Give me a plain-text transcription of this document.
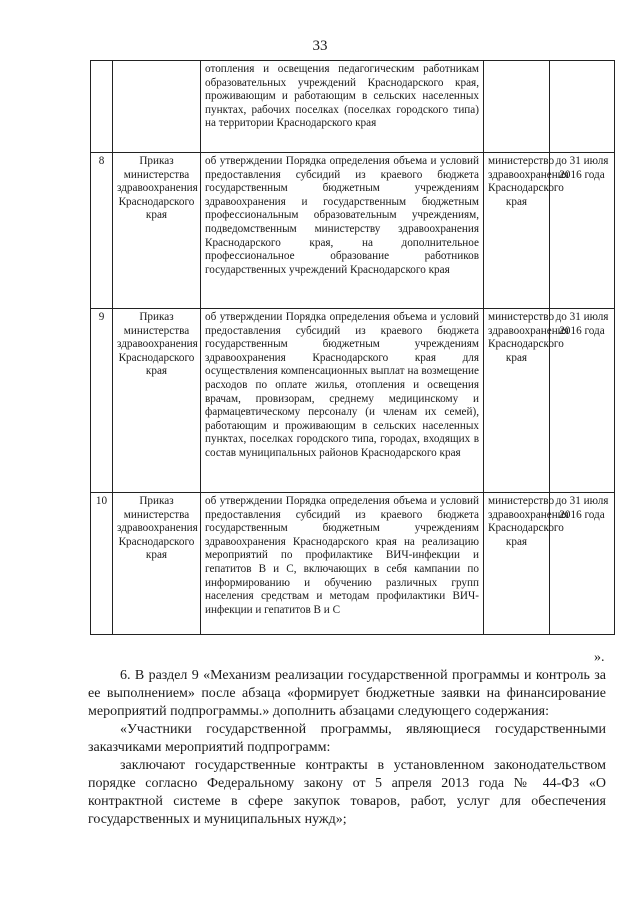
33
		отопления и освещения педагогическим работникам образовательных учреждений Краснодарского края, проживающим и работающим в сельских населенных пунктах, рабочих поселках (поселках городского типа) на территории Краснодарского края		
8	Приказ министерства здравоохранения Краснодарского края	об утверждении Порядка определения объема и условий предоставления субсидий из краевого бюджета государственным бюджетным учреждениям здравоохранения и государственным бюджетным профессиональным образовательным учреждениям, подведомственным министерству здравоохранения Краснодарского края, на дополнительное профессиональное образование работников государственных учреждений Краснодарского края	министерство здравоохранения Краснодарского края	до 31 июля 2016 года
9	Приказ министерства здравоохранения Краснодарского края	об утверждении Порядка определения объема и условий предоставления субсидий из краевого бюджета государственным бюджетным учреждениям здравоохранения Краснодарского края для осуществления компенсационных выплат на возмещение расходов по оплате жилья, отопления и освещения врачам, провизорам, среднему медицинскому и фармацевтическому персоналу (и членам их семей), работающим и проживающим в сельских населенных пунктах, поселках городского типа, городах, входящих в состав муниципальных районов Краснодарского края	министерство здравоохранения Краснодарского края	до 31 июля 2016 года
10	Приказ министерства здравоохранения Краснодарского края	об утверждении Порядка определения объема и условий предоставления субсидий из краевого бюджета государственным бюджетным учреждениям здравоохранения Краснодарского края на реализацию мероприятий по профилактике ВИЧ-инфекции и гепатитов B и C, включающих в себя кампании по информированию и обучению различных групп населения средствам и методам профилактики ВИЧ-инфекции и гепатитов B и C	министерство здравоохранения Краснодарского края	до 31 июля 2016 года
».

6. В раздел 9 «Механизм реализации государственной программы и контроль за ее выполнением» после абзаца «формирует бюджетные заявки на финансирование мероприятий подпрограммы.» дополнить абзацами следующего содержания:

«Участники государственной программы, являющиеся государственными заказчиками мероприятий подпрограмм:

заключают государственные контракты в установленном законодательством порядке согласно Федеральному закону от 5 апреля 2013 года № 44-ФЗ «О контрактной системе в сфере закупок товаров, работ, услуг для обеспечения государственных и муниципальных нужд»;
